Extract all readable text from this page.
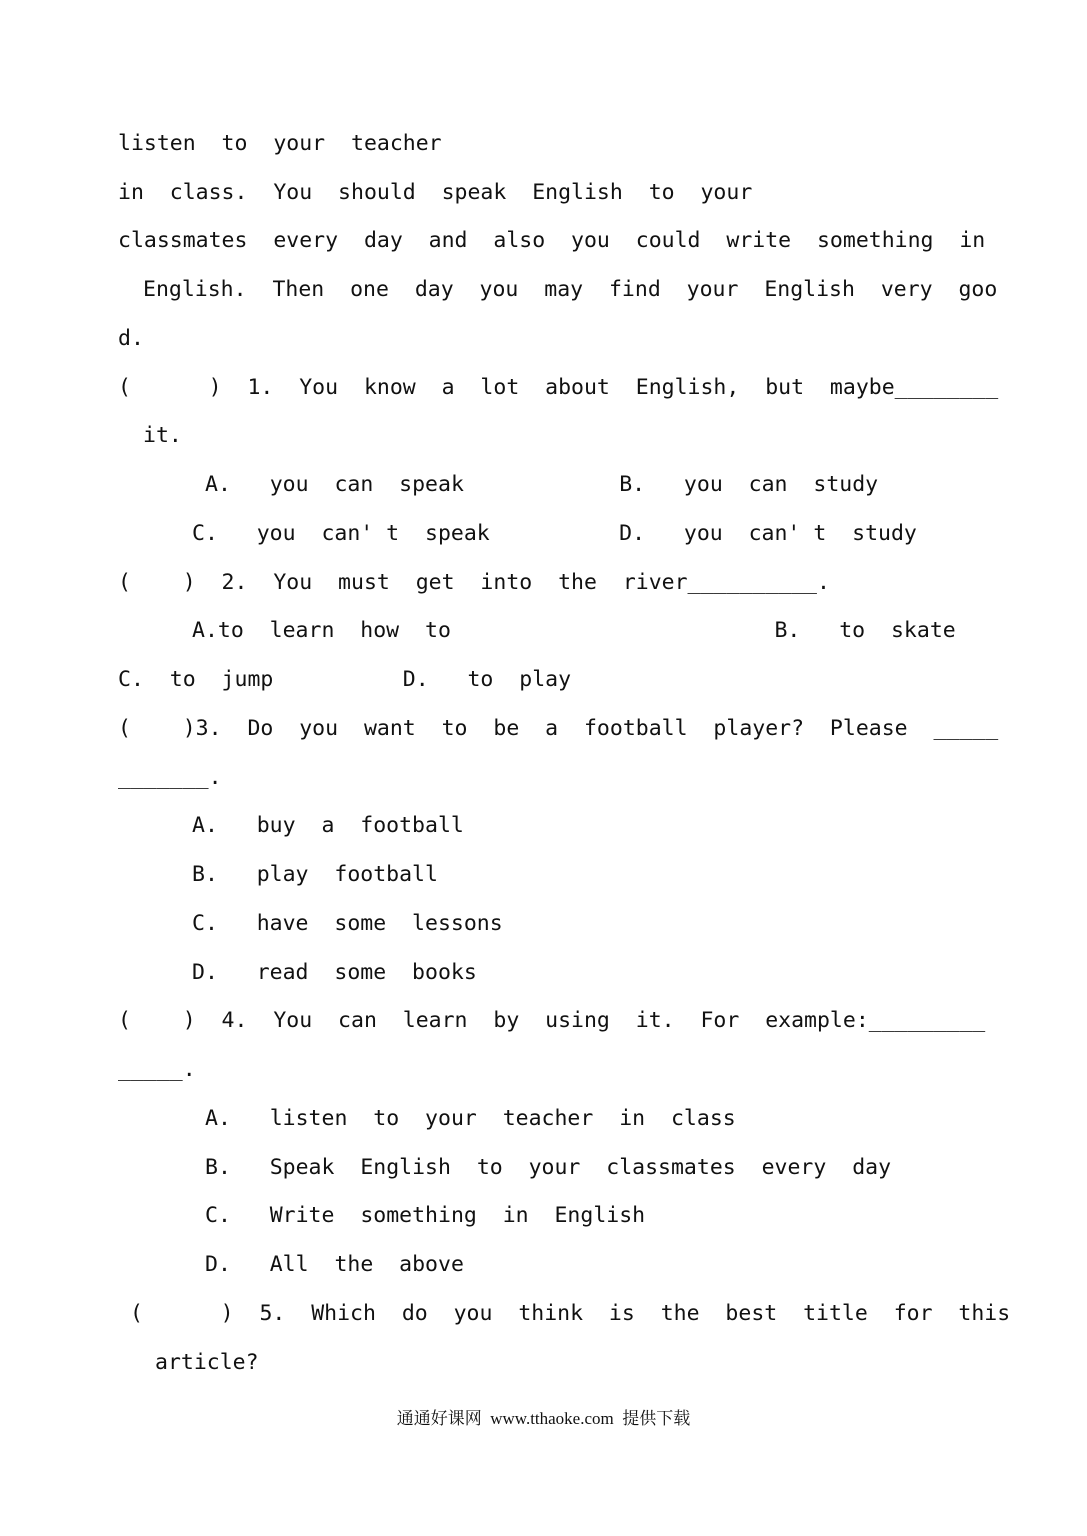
listen  to  your  teacher
in  class.  You  should  speak  English  to  your
classmates  every  day  and  also  you  could  write  something  in
English.  Then  one  day  you  may  find  your  English  very  goo
d.
(      )  1.  You  know  a  lot  about  English,  but  maybe________
it.
A.   you  can  speak            B.   you  can  study
C.   you  can' t  speak          D.   you  can' t  study
(    )  2.  You  must  get  into  the  river__________.
A.to  learn  how  to                         B.   to  skate
C.  to  jump          D.   to  play
(    )3.  Do  you  want  to  be  a  football  player?  Please  _____
_______.
A.   buy  a  football
B.   play  football
C.   have  some  lessons
D.   read  some  books
(    )  4.  You  can  learn  by  using  it.  For  example:_________
_____.
A.   listen  to  your  teacher  in  class
B.   Speak  English  to  your  classmates  every  day
C.   Write  something  in  English
D.   All  the  above
(      )  5.  Which  do  you  think  is  the  best  title  for  this
article?
通通好课网  www.tthaoke.com  提供下载
